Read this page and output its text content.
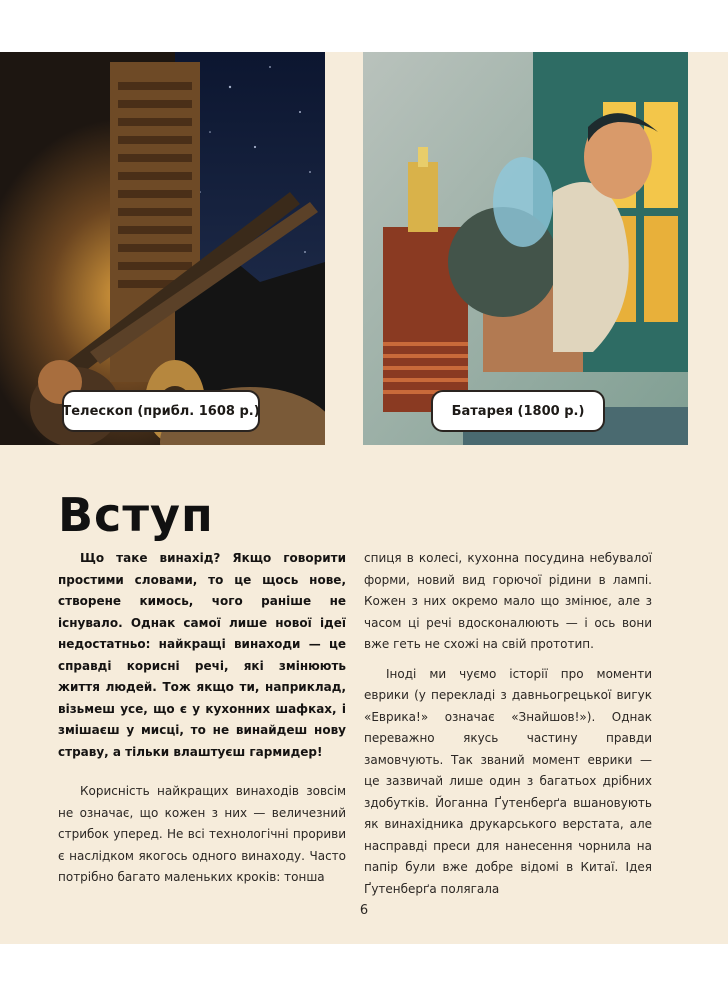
Телескоп (прибл. 1608 р.)	Батарея (1800 р.)
Вступ

Що таке винахід? Якщо говорити простими словами, то це щось нове, створене кимось, чого раніше не існувало. Однак самої лише нової ідеї недостатньо: найкращі винаходи — це справді корисні речі, які змінюють життя людей. Тож якщо ти, наприклад, візьмеш усе, що є у кухонних шафках, і змішаєш у мисці, то не винайдеш нову страву, а тільки влаштуєш гармидер!

Корисність найкращих винаходів зовсім не означає, що кожен з них — величезний стрибок уперед. Не всі технологічні прориви є наслідком якогось одного винаходу. Часто потрібно багато маленьких кроків: тонша

спиця в колесі, кухонна посудина небувалої форми, новий вид горючої рідини в лампі. Кожен з них окремо мало що змінює, але з часом ці речі вдосконалюють — і ось вони вже геть не схожі на свій прототип.

Іноді ми чуємо історії про моменти еврики (у перекладі з давньогрецької вигук «Еврика!» означає «Знайшов!»). Однак переважно якусь частину правди замовчують. Так званий момент еврики — це зазвичай лише один з багатьох дрібних здобутків. Йоганна Ґутенберґа вшановують як винахідника друкарського верстата, але насправді преси для нанесення чорнила на папір були вже добре відомі в Китаї. Ідея Ґутенберґа полягала

6
